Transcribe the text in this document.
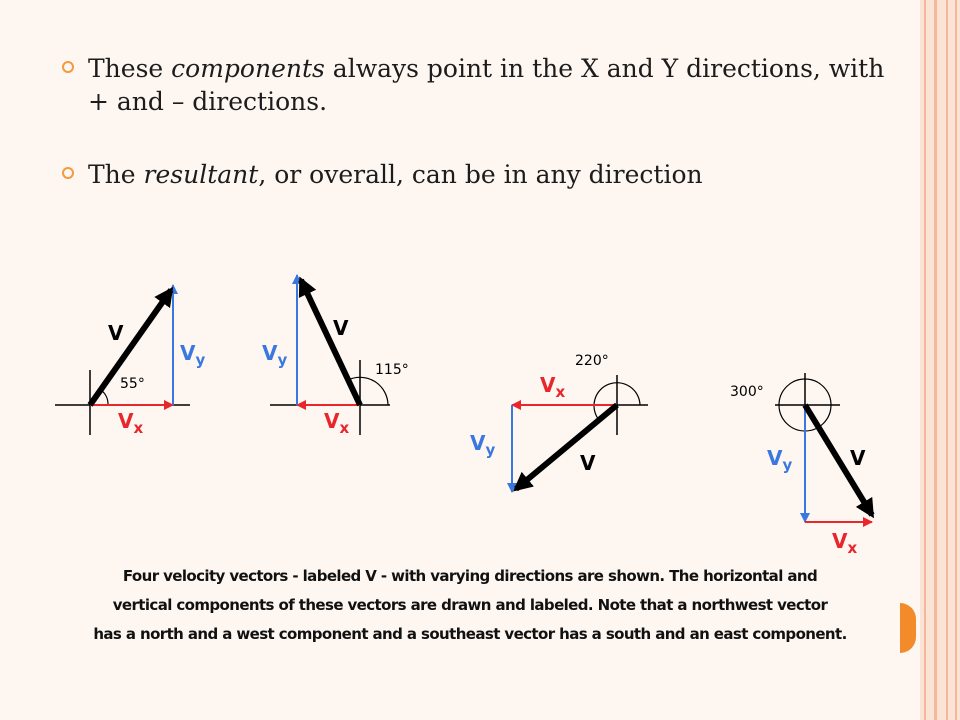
These components always point in the X and Y directions, with + and – directions.
The resultant, or overall, can be in any direction
V
$V_y$
$V_x$
55°
V
$V_y$
$V_x$
115°
V
$V_y$
$V_x$
220°
V
$V_y$
$V_x$
300°
Four velocity vectors - labeled V - with varying directions are shown. The horizontal and
vertical components of these vectors are drawn and labeled. Note that a northwest vector
has a north and a west component and a southeast vector has a south and an east component.
